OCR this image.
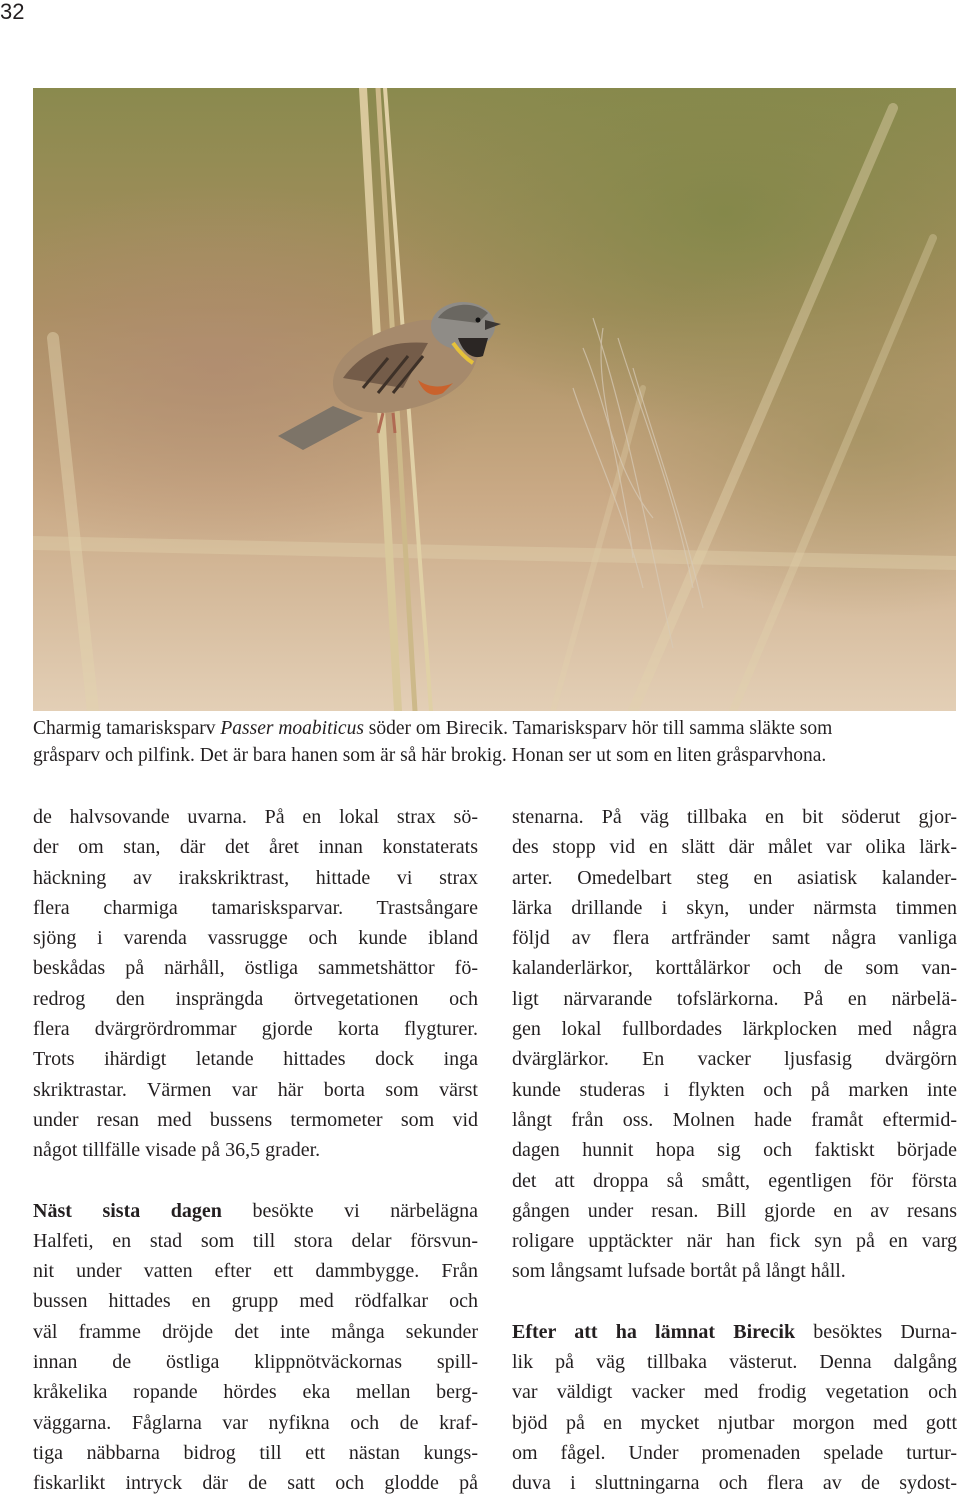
32

Charmig tamarisksparv Passer moabiticus söder om Birecik. Tamarisksparv hör till samma släkte som

gråsparv och pilfink. Det är bara hanen som är så här brokig. Honan ser ut som en liten gråsparvhona.

de halvsovande uvarna. På en lokal strax sö-
der om stan, där det året innan konstaterats
häckning av irakskriktrast, hittade vi strax
flera charmiga tamarisksparvar. Trastsångare
sjöng i varenda vassrugge och kunde ibland
beskådas på närhåll, östliga sammetshättor fö-
redrog den insprängda örtvegetationen och
flera dvärgrördrommar gjorde korta flygturer.
Trots ihärdigt letande hittades dock inga
skriktrastar. Värmen var här borta som värst
under resan med bussens termometer som vid
något tillfälle visade på 36,5 grader.

Näst sista dagen besökte vi närbelägna
Halfeti, en stad som till stora delar försvun-
nit under vatten efter ett dammbygge. Från
bussen hittades en grupp med rödfalkar och
väl framme dröjde det inte många sekunder
innan de östliga klippnötväckornas spill-
kråkelika ropande hördes eka mellan berg-
väggarna. Fåglarna var nyfikna och de kraf-
tiga näbbarna bidrog till ett nästan kungs-
fiskarlikt intryck där de satt och glodde på

stenarna. På väg tillbaka en bit söderut gjor-
des stopp vid en slätt där målet var olika lärk-
arter. Omedelbart steg en asiatisk kalander-
lärka drillande i skyn, under närmsta timmen
följd av flera artfränder samt några vanliga
kalanderlärkor, korttålärkor och de som van-
ligt närvarande tofslärkorna. På en närbelä-
gen lokal fullbordades lärkplocken med några
dvärglärkor. En vacker ljusfasig dvärgörn
kunde studeras i flykten och på marken inte
långt från oss. Molnen hade framåt eftermid-
dagen hunnit hopa sig och faktiskt började
det att droppa så smått, egentligen för första
gången under resan. Bill gjorde en av resans
roligare upptäckter när han fick syn på en varg
som långsamt lufsade bortåt på långt håll.

Efter att ha lämnat Birecik besöktes Durna-
lik på väg tillbaka västerut. Denna dalgång
var väldigt vacker med frodig vegetation och
bjöd på en mycket njutbar morgon med gott
om fågel. Under promenaden spelade turtur-
duva i sluttningarna och flera av de sydost-
